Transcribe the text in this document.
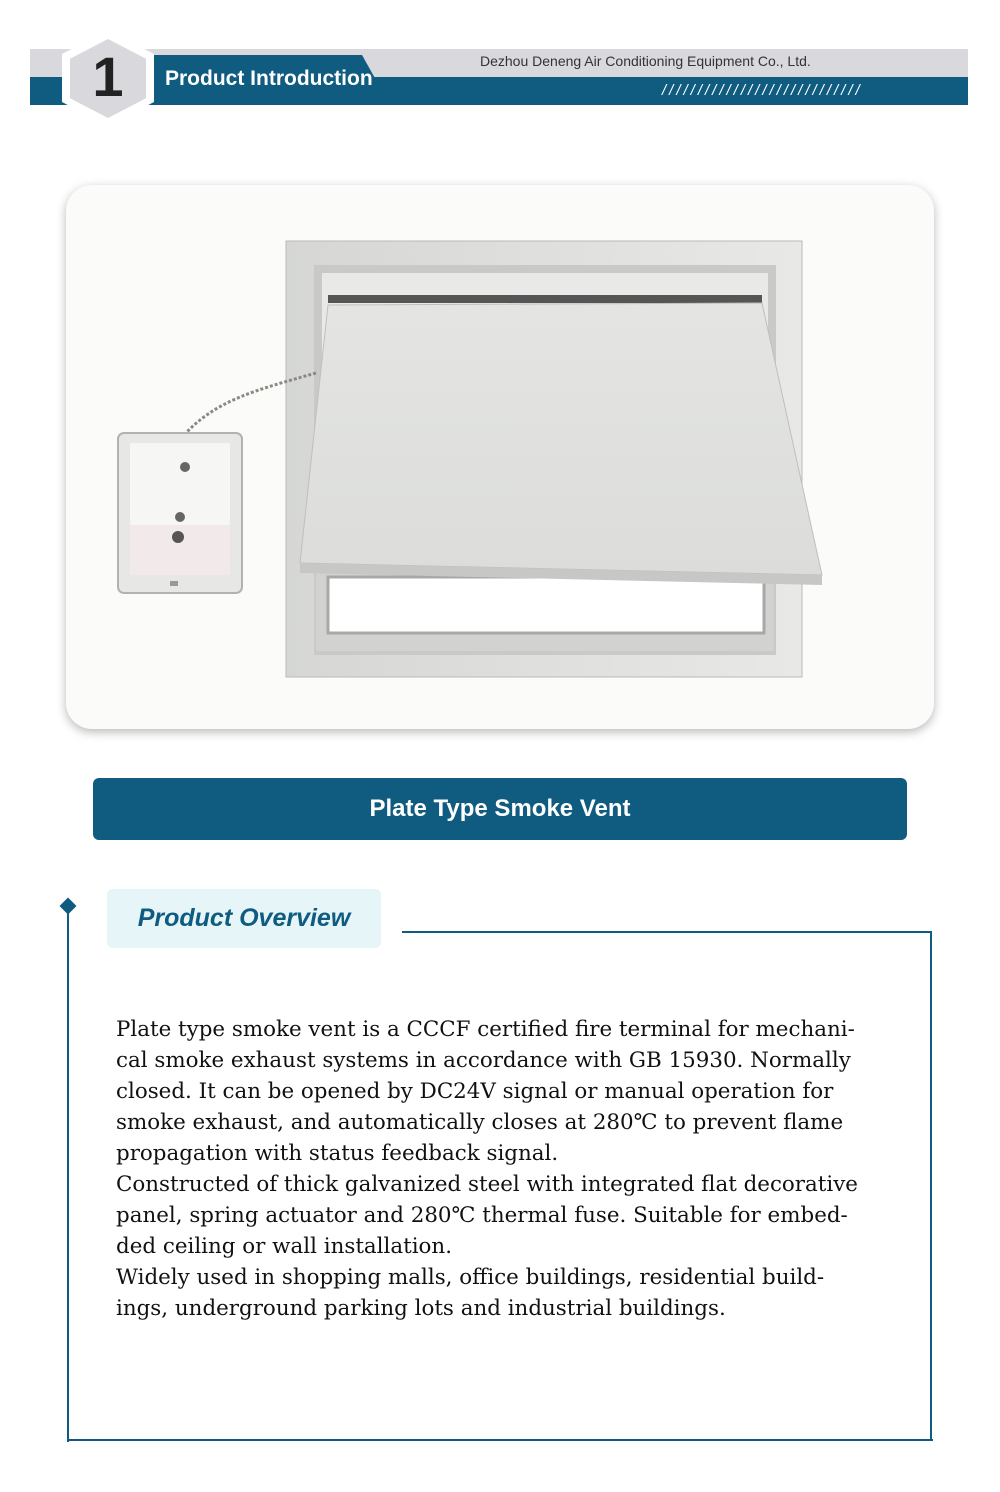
1	Product Introduction
Dezhou Deneng Air Conditioning Equipment Co., Ltd.
////////////////////////////
Plate Type Smoke Vent
Product Overview

Plate type smoke vent is a CCCF certified fire terminal for mechani-

cal smoke exhaust systems in accordance with GB 15930. Normally

closed. It can be opened by DC24V signal or manual operation for

smoke exhaust, and automatically closes at 280℃ to prevent flame

propagation with status feedback signal.

Constructed of thick galvanized steel with integrated flat decorative

panel, spring actuator and 280℃ thermal fuse. Suitable for embed-

ded ceiling or wall installation.

Widely used in shopping malls, office buildings, residential build-

ings, underground parking lots and industrial buildings.
